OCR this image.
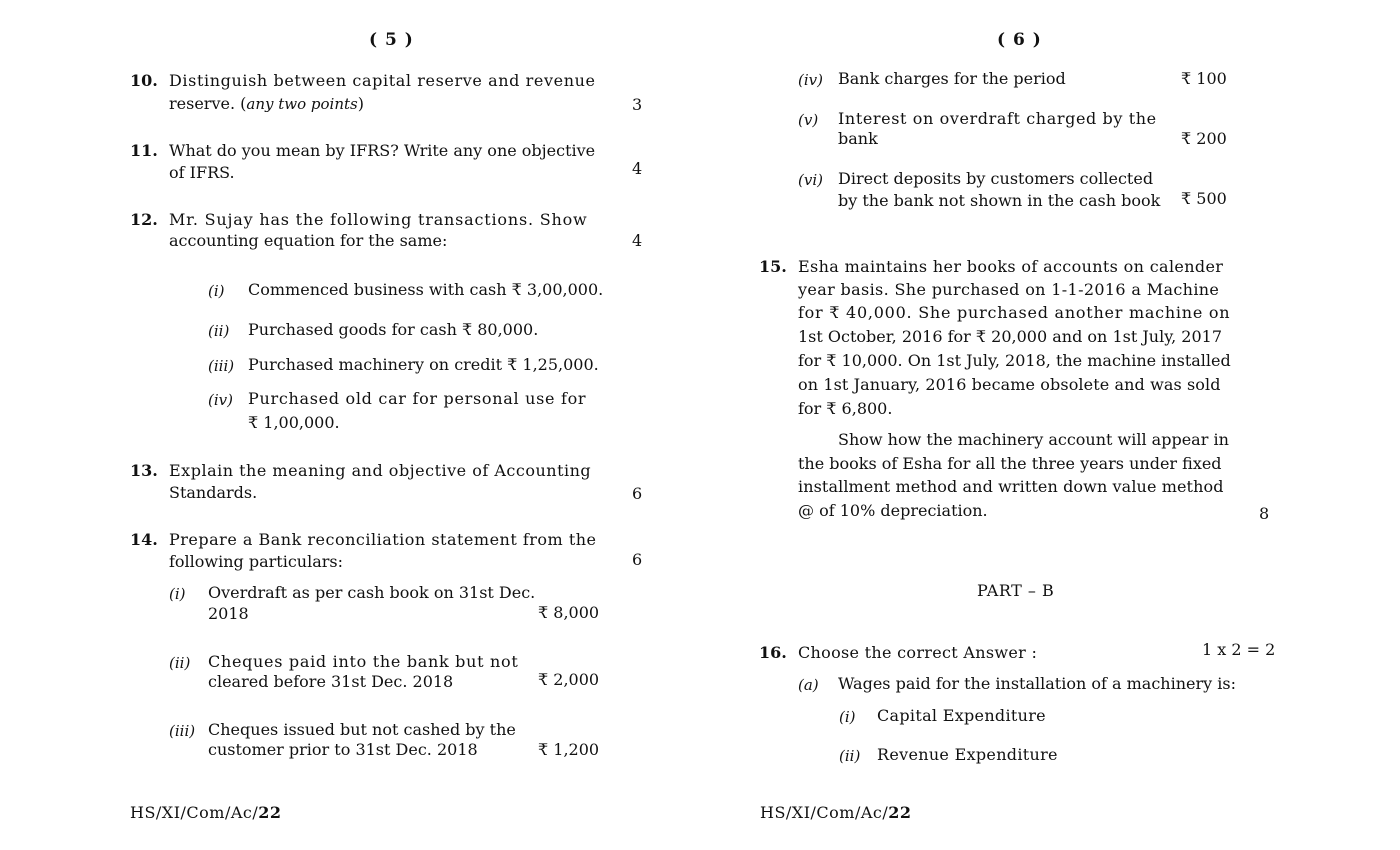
( 5 )
10. Distinguish between capital reserve and revenue
reserve. (any two points)	3
11. What do you mean by IFRS? Write any one objective
of IFRS.	4
12. Mr. Sujay has the following transactions. Show
accounting equation for the same:	4
(i) Commenced business with cash ₹ 3,00,000.
(ii) Purchased goods for cash ₹ 80,000.
(iii) Purchased machinery on credit ₹ 1,25,000.
(iv) Purchased old car for personal use for
₹ 1,00,000.
13. Explain the meaning and objective of Accounting
Standards.	6
14. Prepare a Bank reconciliation statement from the
following particulars:	6
(i) Overdraft as per cash book on 31st Dec.
2018	₹ 8,000
(ii) Cheques paid into the bank but not
cleared before 31st Dec. 2018	₹ 2,000
(iii) Cheques issued but not cashed by the
customer prior to 31st Dec. 2018	₹ 1,200
HS/XI/Com/Ac/22
( 6 )
(iv) Bank charges for the period	₹ 100
(v) Interest on overdraft charged by the
bank	₹ 200
(vi) Direct deposits by customers collected
by the bank not shown in the cash book ₹ 500
15. Esha maintains her books of accounts on calender
year basis. She purchased on 1-1-2016 a Machine
for ₹ 40,000. She purchased another machine on
1st October, 2016 for ₹ 20,000 and on 1st July, 2017
for ₹ 10,000. On 1st July, 2018, the machine installed
on 1st January, 2016 became obsolete and was sold
for ₹ 6,800.
Show how the machinery account will appear in
the books of Esha for all the three years under fixed
installment method and written down value method
@ of 10% depreciation.	8
PART – B
16. Choose the correct Answer :	1 x 2 = 2
(a) Wages paid for the installation of a machinery is:
(i) Capital Expenditure
(ii) Revenue Expenditure
HS/XI/Com/Ac/22
